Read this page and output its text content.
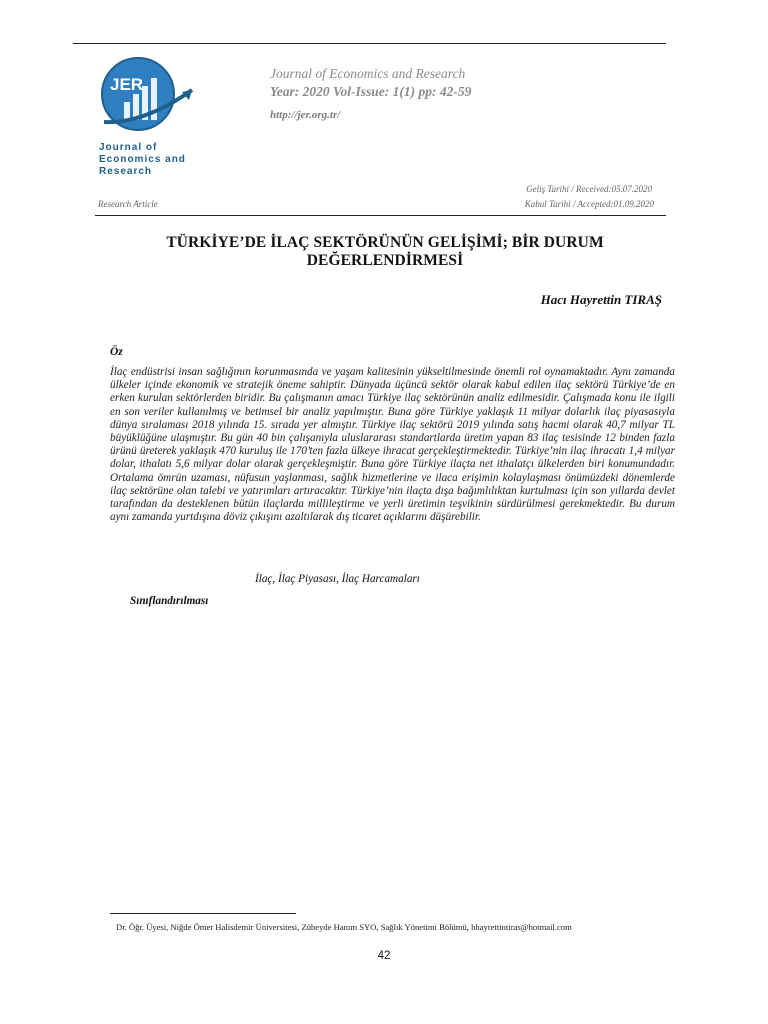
JER
Journal of
Economics and
Research
Journal of Economics and Research
Year: 2020 Vol-Issue: 1(1) pp: 42-59
http://jer.org.tr/
Geliş Tarihi / Received:05.07.2020
Kabul Tarihi / Accepted:01.09.2020
Research Article
TÜRKİYE’DE İLAÇ SEKTÖRÜNÜN GELİŞİMİ; BİR DURUM
DEĞERLENDİRMESİ
Hacı Hayrettin TIRAŞ
Öz
İlaç endüstrisi insan sağlığının korunmasında ve yaşam kalitesinin yükseltilmesinde önemli rol oynamaktadır. Aynı zamanda ülkeler içinde ekonomik ve stratejik öneme sahiptir. Dünyada üçüncü sektör olarak kabul edilen ilaç sektörü Türkiye’de en erken kurulan sektörlerden biridir. Bu çalışmanın amacı Türkiye ilaç sektörünün analiz edilmesidir. Çalışmada konu ile ilgili en son veriler kullanılmış ve betimsel bir analiz yapılmıştır. Buna göre Türkiye yaklaşık 11 milyar dolarlık ilaç piyasasıyla dünya sıralaması 2018 yılında 15. sırada yer almıştır. Türkiye ilaç sektörü 2019 yılında satış hacmi olarak 40,7 milyar TL büyüklüğüne ulaşmıştır. Bu gün 40 bin çalışanıyla uluslararası standartlarda üretim yapan 83 ilaç tesisinde 12 binden fazla ürünü üreterek yaklaşık 470 kuruluş ile 170’ten fazla ülkeye ihracat gerçekleştirmektedir. Türkiye’nin ilaç ihracatı 1,4 milyar dolar, ithalatı 5,6 milyar dolar olarak gerçekleşmiştir. Buna göre Türkiye ilaçta net ithalatçı ülkelerden biri konumundadır. Ortalama ömrün uzaması, nüfusun yaşlanması, sağlık hizmetlerine ve ilaca erişimin kolaylaşması önümüzdeki dönemlerde ilaç sektörüne olan talebi ve yatırımları artıracaktır. Türkiye’nin ilaçta dışa bağımlılıktan kurtulması için son yıllarda devlet tarafından da desteklenen bütün ilaçlarda millileştirme ve yerli üretimin teşvikinin sürdürülmesi gerekmektedir. Bu durum aynı zamanda yurtdışına döviz çıkışını azaltılarak dış ticaret açıklarını düşürebilir.
İlaç, İlaç Piyasası, İlaç Harcamaları
Sınıflandırılması
Dr. Öğr. Üyesi, Niğde Ömer Halisdemir Üniversitesi, Zübeyde Hanım SYO, Sağlık Yönetimi Bölümü, hhayrettintiras@hotmail.com
42
